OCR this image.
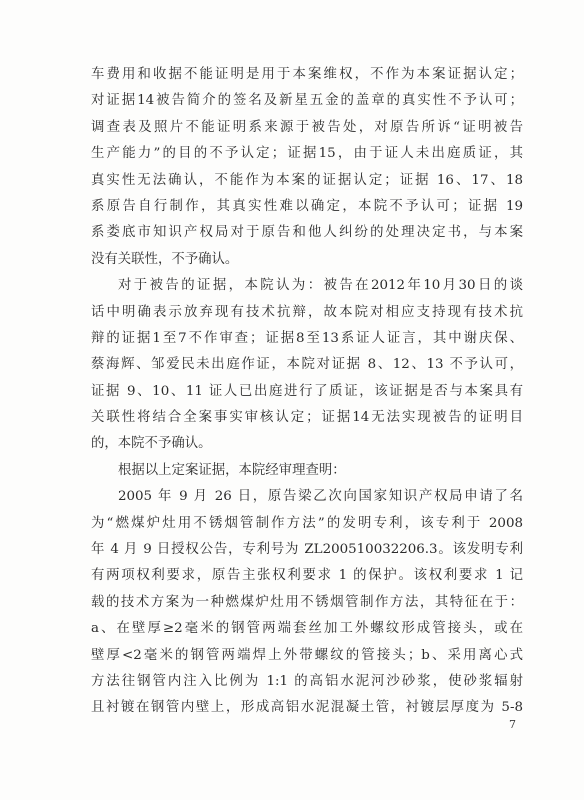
车费用和收据不能证明是用于本案维权，不作为本案证据认定；
对证据14被告简介的签名及新星五金的盖章的真实性不予认可；
调查表及照片不能证明系来源于被告处，对原告所诉“证明被告
生产能力”的目的不予认定；证据15，由于证人未出庭质证，其
真实性无法确认，不能作为本案的证据认定；证据 16、17、18
系原告自行制作，其真实性难以确定，本院不予认可；证据 19
系娄底市知识产权局对于原告和他人纠纷的处理决定书，与本案
没有关联性，不予确认。
对于被告的证据，本院认为：被告在2012年10月30日的谈
话中明确表示放弃现有技术抗辩，故本院对相应支持现有技术抗
辩的证据1至7不作审查；证据8至13系证人证言，其中谢庆保、
蔡海辉、邹爱民未出庭作证，本院对证据 8、12、13 不予认可，
证据 9、10、11 证人已出庭进行了质证，该证据是否与本案具有
关联性将结合全案事实审核认定；证据14无法实现被告的证明目
的，本院不予确认。
根据以上定案证据，本院经审理查明：
2005 年 9 月 26 日，原告梁乙次向国家知识产权局申请了名
为“燃煤炉灶用不锈烟管制作方法”的发明专利，该专利于 2008
年 4 月 9 日授权公告，专利号为 ZL200510032206.3。该发明专利
有两项权利要求，原告主张权利要求 1 的保护。该权利要求 1 记
载的技术方案为一种燃煤炉灶用不锈烟管制作方法，其特征在于：
a、在壁厚≥2毫米的钢管两端套丝加工外螺纹形成管接头，或在
壁厚<2毫米的钢管两端焊上外带螺纹的管接头；b、采用离心式
方法往钢管内注入比例为 1:1 的高铝水泥河沙砂浆，使砂浆辐射
且衬镀在钢管内壁上，形成高铝水泥混凝土管，衬镀层厚度为 5-8
7
